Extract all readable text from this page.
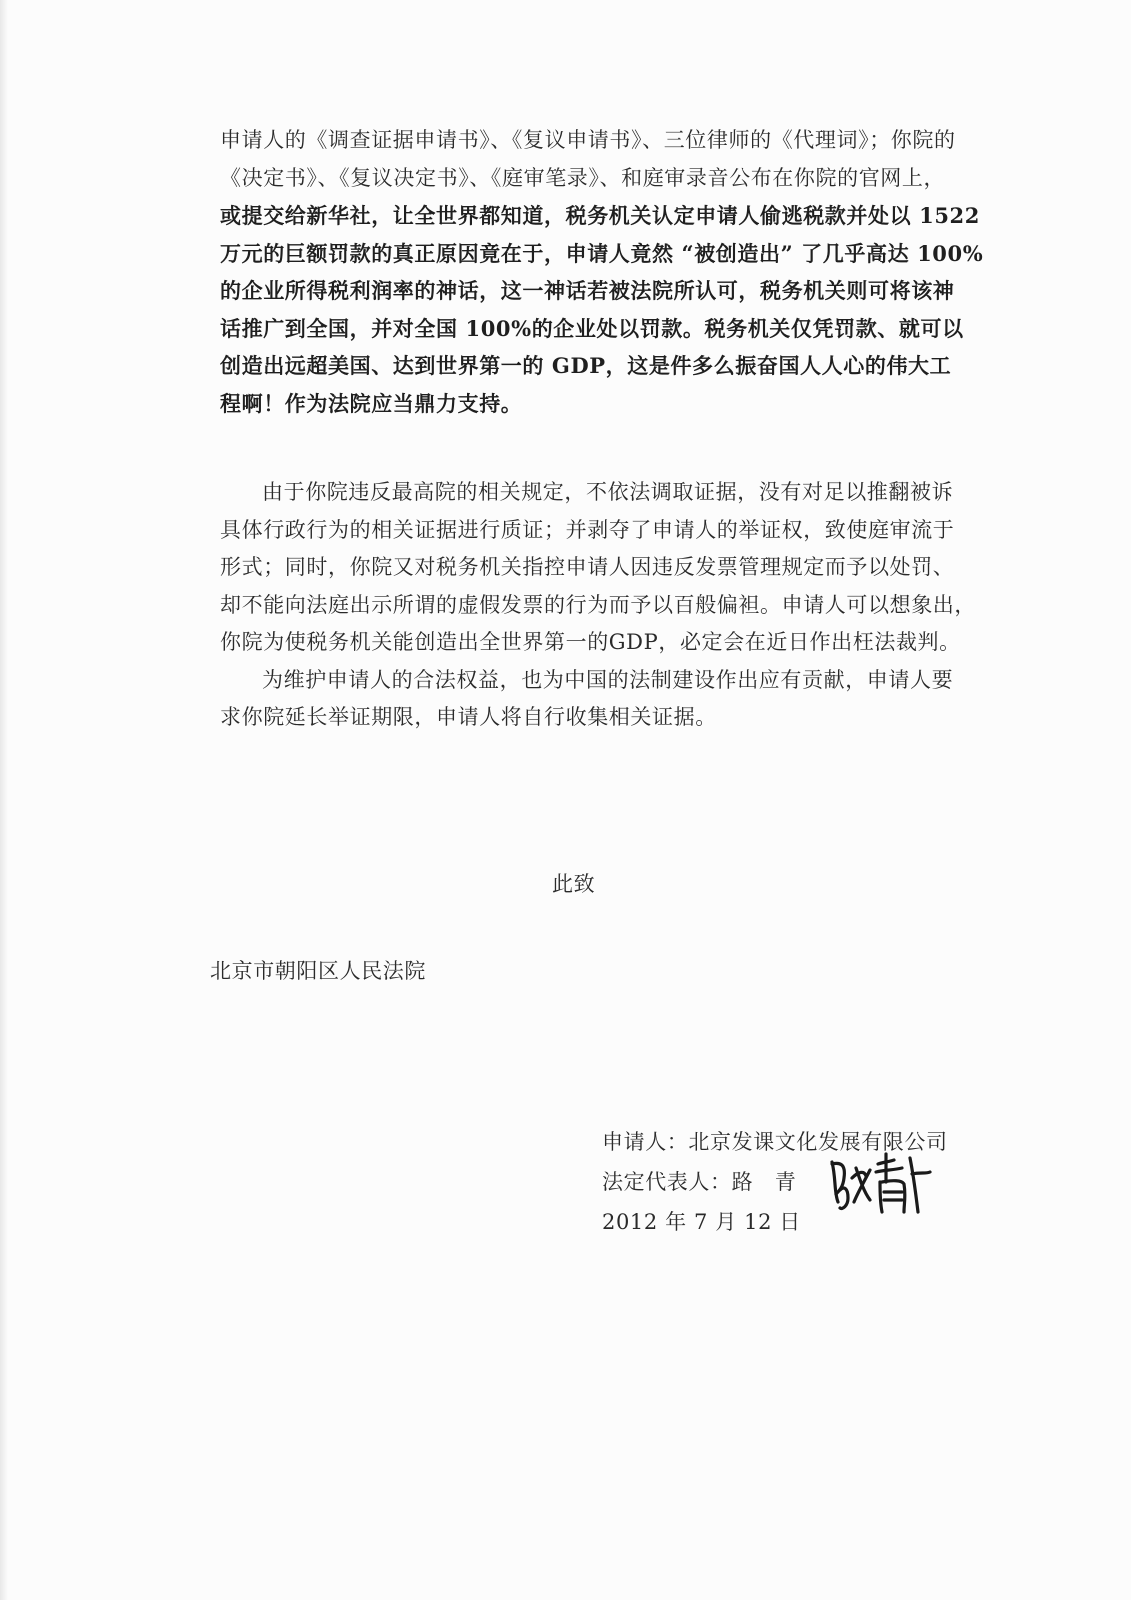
申请人的《调查证据申请书》、《复议申请书》、三位律师的《代理词》；你院的
《决定书》、《复议决定书》、《庭审笔录》、和庭审录音公布在你院的官网上，
或提交给新华社，让全世界都知道，税务机关认定申请人偷逃税款并处以 1522
万元的巨额罚款的真正原因竟在于，申请人竟然 “被创造出” 了几乎高达 100%
的企业所得税利润率的神话，这一神话若被法院所认可，税务机关则可将该神
话推广到全国，并对全国 100%的企业处以罚款。税务机关仅凭罚款、就可以
创造出远超美国、达到世界第一的 GDP，这是件多么振奋国人人心的伟大工
程啊！作为法院应当鼎力支持。
由于你院违反最高院的相关规定，不依法调取证据，没有对足以推翻被诉
具体行政行为的相关证据进行质证；并剥夺了申请人的举证权，致使庭审流于
形式；同时，你院又对税务机关指控申请人因违反发票管理规定而予以处罚、
却不能向法庭出示所谓的虚假发票的行为而予以百般偏袒。申请人可以想象出，
你院为使税务机关能创造出全世界第一的GDP，必定会在近日作出枉法裁判。
为维护申请人的合法权益，也为中国的法制建设作出应有贡献，申请人要
求你院延长举证期限，申请人将自行收集相关证据。
此致
北京市朝阳区人民法院
申请人：北京发课文化发展有限公司
法定代表人：路　青
2012 年 7 月 12 日
